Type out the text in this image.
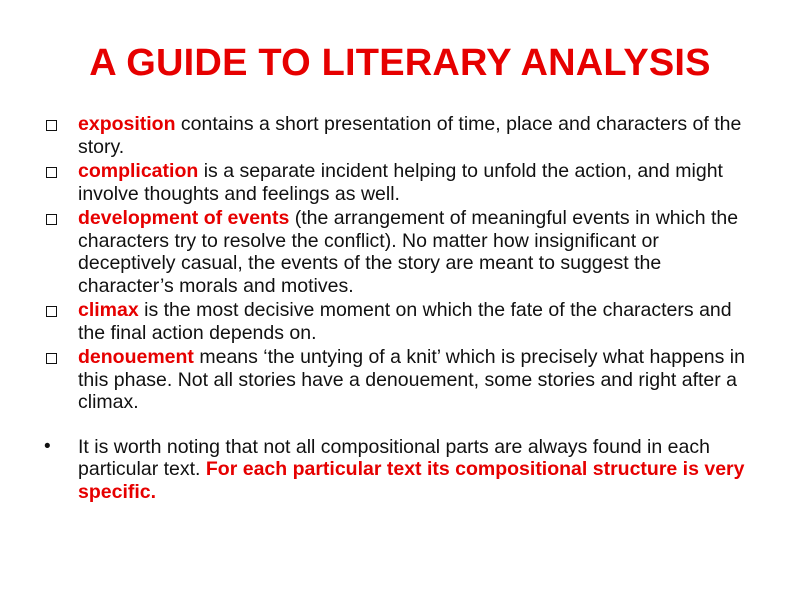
A GUIDE TO LITERARY ANALYSIS
exposition contains a short presentation of time, place and characters of the story.
complication is a separate incident helping to unfold the action, and might involve thoughts and feelings as well.
development of events (the arrangement of meaningful events in which the characters try to resolve the conflict). No matter how insignificant or deceptively casual, the events of the story are meant to suggest the character’s morals and motives.
climax is the most decisive moment on which the fate of the characters and the final action depends on.
denouement means ‘the untying of a knit’ which is precisely what happens in this phase. Not all stories have a denouement, some stories and right after a climax.
• It is worth noting that not all compositional parts are always found in each particular text. For each particular text its compositional structure is very specific.
